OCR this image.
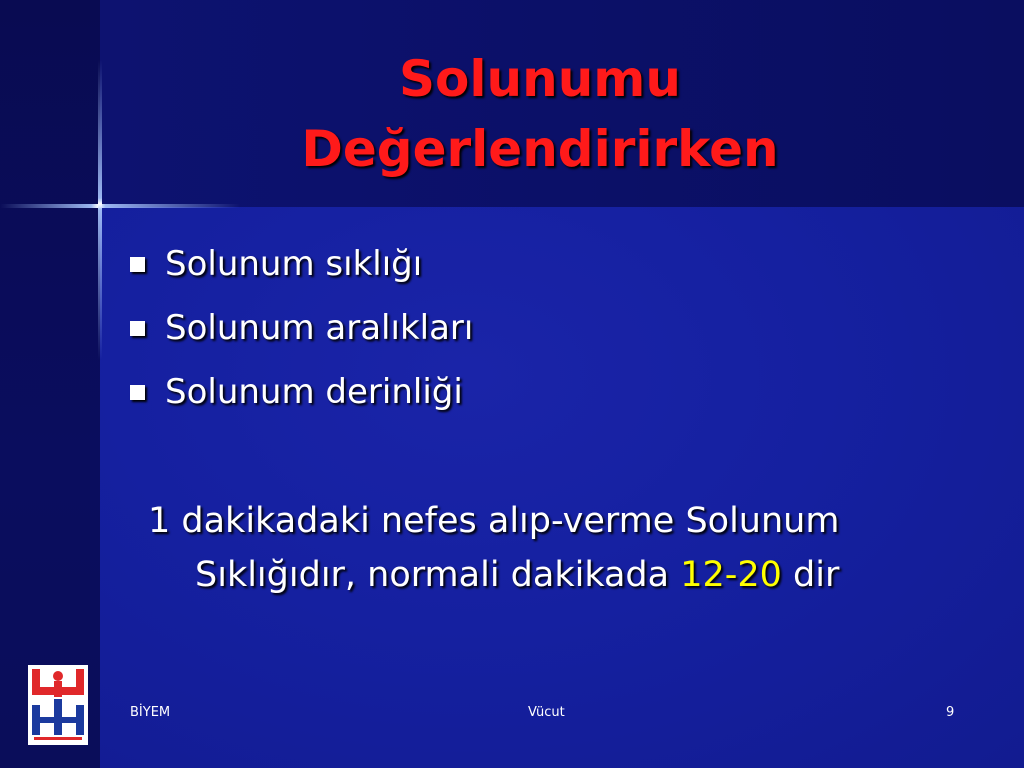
Solunumu
Değerlendirirken
Solunum sıklığı
Solunum aralıkları
Solunum derinliği
1 dakikadaki nefes alıp-verme Solunum
Sıklığıdır, normali dakikada 12-20 dir
BİYEM	Vücut	9
